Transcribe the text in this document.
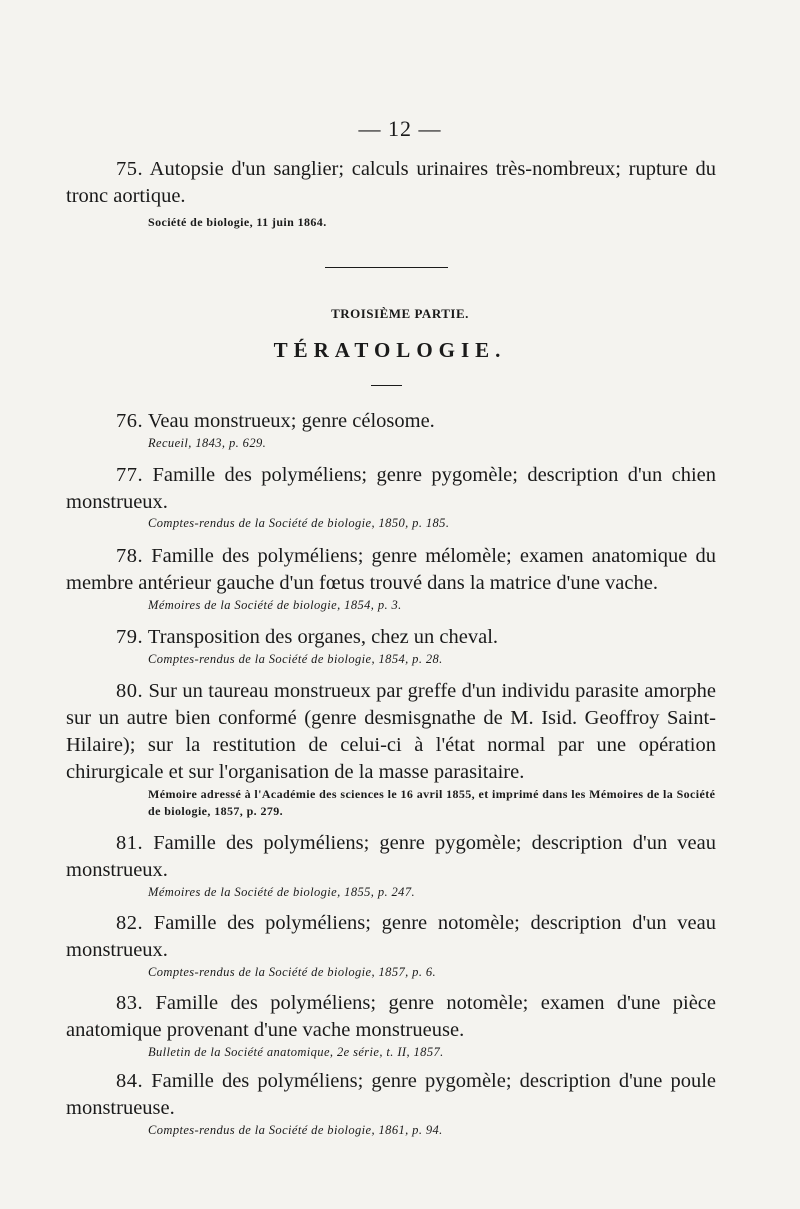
— 12 —

75. Autopsie d'un sanglier; calculs urinaires très-nombreux; rupture du tronc aortique.

Société de biologie, 11 juin 1864.
TROISIÈME PARTIE.
TÉRATOLOGIE.

76. Veau monstrueux; genre célosome.

Recueil, 1843, p. 629.

77. Famille des polyméliens; genre pygomèle; description d'un chien monstrueux.

Comptes-rendus de la Société de biologie, 1850, p. 185.

78. Famille des polyméliens; genre mélomèle; examen anatomique du membre antérieur gauche d'un fœtus trouvé dans la matrice d'une vache.

Mémoires de la Société de biologie, 1854, p. 3.

79. Transposition des organes, chez un cheval.

Comptes-rendus de la Société de biologie, 1854, p. 28.

80. Sur un taureau monstrueux par greffe d'un individu parasite amorphe sur un autre bien conformé (genre desmisgnathe de M. Isid. Geoffroy Saint-Hilaire); sur la restitution de celui-ci à l'état normal par une opération chirurgicale et sur l'organisation de la masse parasitaire.

Mémoire adressé à l'Académie des sciences le 16 avril 1855, et imprimé dans les Mémoires de la Société de biologie, 1857, p. 279.

81. Famille des polyméliens; genre pygomèle; description d'un veau monstrueux.

Mémoires de la Société de biologie, 1855, p. 247.

82. Famille des polyméliens; genre notomèle; description d'un veau monstrueux.

Comptes-rendus de la Société de biologie, 1857, p. 6.

83. Famille des polyméliens; genre notomèle; examen d'une pièce anatomique provenant d'une vache monstrueuse.

Bulletin de la Société anatomique, 2e série, t. II, 1857.

84. Famille des polyméliens; genre pygomèle; description d'une poule monstrueuse.

Comptes-rendus de la Société de biologie, 1861, p. 94.
